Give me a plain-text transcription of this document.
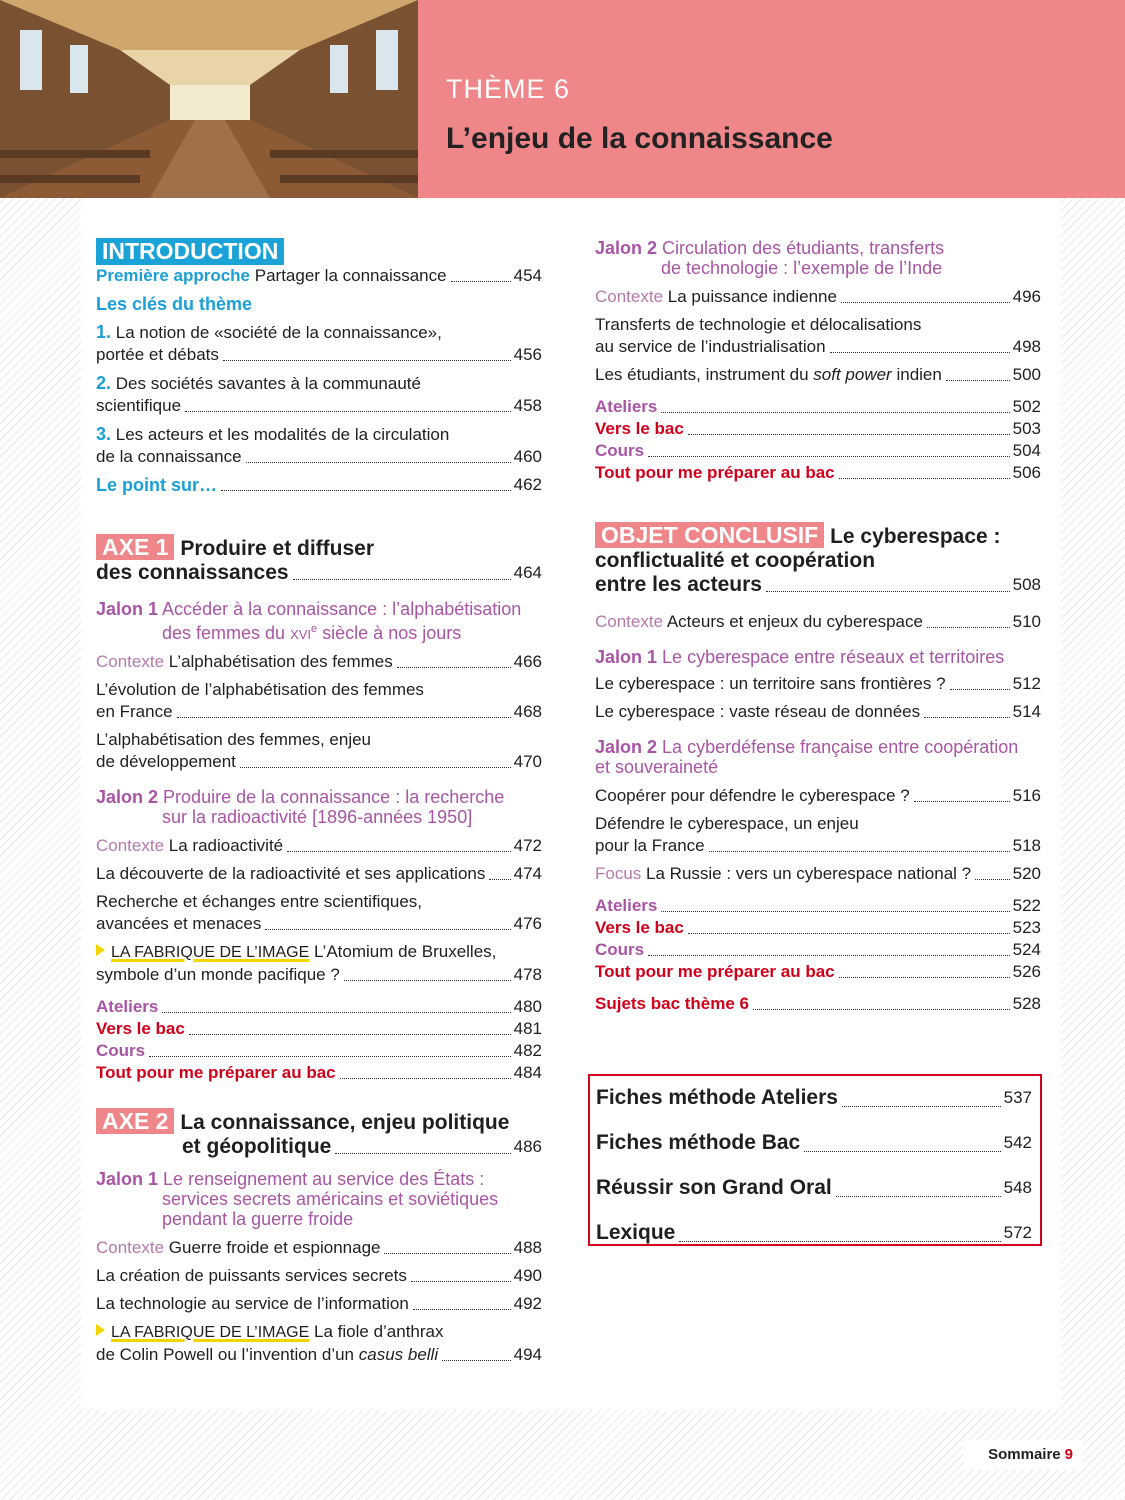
THÈME 6
L’enjeu de la connaissance
INTRODUCTION
Première approche Partager la connaissance	454
Les clés du thème
1. La notion de «société de la connaissance»,
portée et débats	456
2. Des sociétés savantes à la communauté
scientifique	458
3. Les acteurs et les modalités de la circulation
de la connaissance	460
Le point sur…	462
AXE 1 Produire et diffuser
des connaissances	464
Jalon 1 Accéder à la connaissance : l’alphabétisation
des femmes du xvi$^e$ siècle à nos jours
Contexte L’alphabétisation des femmes	466
L’évolution de l’alphabétisation des femmes
en France	468
L’alphabétisation des femmes, enjeu
de développement	470
Jalon 2 Produire de la connaissance : la recherche
sur la radioactivité [1896-années 1950]
Contexte La radioactivité	472
La découverte de la radioactivité et ses applications 474
Recherche et échanges entre scientifiques,
avancées et menaces	476
LA FABRIQUE DE L’IMAGE L’Atomium de Bruxelles,
symbole d’un monde pacifique ?	478
Ateliers	480
Vers le bac	481
Cours	482
Tout pour me préparer au bac	484
AXE 2 La connaissance, enjeu politique
et géopolitique	486
Jalon 1 Le renseignement au service des États :
services secrets américains et soviétiques
pendant la guerre froide
Contexte Guerre froide et espionnage	488
La création de puissants services secrets	490
La technologie au service de l’information	492
LA FABRIQUE DE L’IMAGE La fiole d’anthrax
de Colin Powell ou l’invention d’un casus belli	494
Jalon 2 Circulation des étudiants, transferts
de technologie : l’exemple de l’Inde
Contexte La puissance indienne	496
Transferts de technologie et délocalisations
au service de l’industrialisation	498
Les étudiants, instrument du soft power indien	500
Ateliers	502
Vers le bac	503
Cours	504
Tout pour me préparer au bac	506
OBJET CONCLUSIF Le cyberespace :
conflictualité et coopération
entre les acteurs	508
Contexte Acteurs et enjeux du cyberespace	510
Jalon 1 Le cyberespace entre réseaux et territoires
Le cyberespace : un territoire sans frontières ?	512
Le cyberespace : vaste réseau de données	514
Jalon 2 La cyberdéfense française entre coopération
et souveraineté
Coopérer pour défendre le cyberespace ?	516
Défendre le cyberespace, un enjeu
pour la France	518
Focus La Russie : vers un cyberespace national ? 520
Ateliers	522
Vers le bac	523
Cours	524
Tout pour me préparer au bac	526
Sujets bac thème 6	528
Fiches méthode Ateliers	537
Fiches méthode Bac	542
Réussir son Grand Oral	548
Lexique	572
Sommaire 9
